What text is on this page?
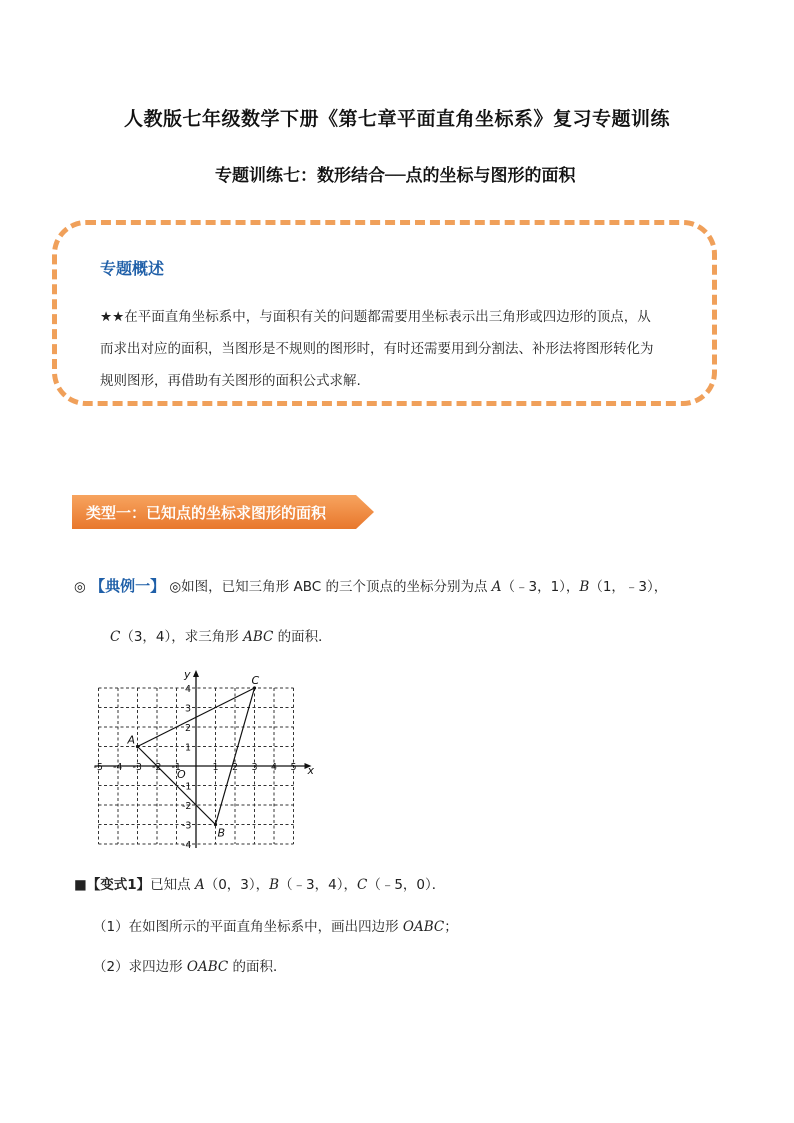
人教版七年级数学下册《第七章平面直角坐标系》复习专题训练
专题训练七：数形结合──点的坐标与图形的面积
专题概述
★★在平面直角坐标系中，与面积有关的问题都需要用坐标表示出三角形或四边形的顶点，从
而求出对应的面积，当图形是不规则的图形时，有时还需要用到分割法、补形法将图形转化为
规则图形，再借助有关图形的面积公式求解.
类型一：已知点的坐标求图形的面积
◎ 【典例一】 ◎如图，已知三角形 ABC 的三个顶点的坐标分别为点 A（﹣3，1），B（1，﹣3），
C（3，4），求三角形 ABC 的面积．
x
y
O
-5 -4 -3 -2 -1	1 2 3 4 5
4
3
2
1
-1
-2
-3
-4
A
B
C
■【变式1】已知点 A（0，3），B（﹣3，4），C（﹣5，0）．
（1）在如图所示的平面直角坐标系中，画出四边形 OABC；
（2）求四边形 OABC 的面积．
